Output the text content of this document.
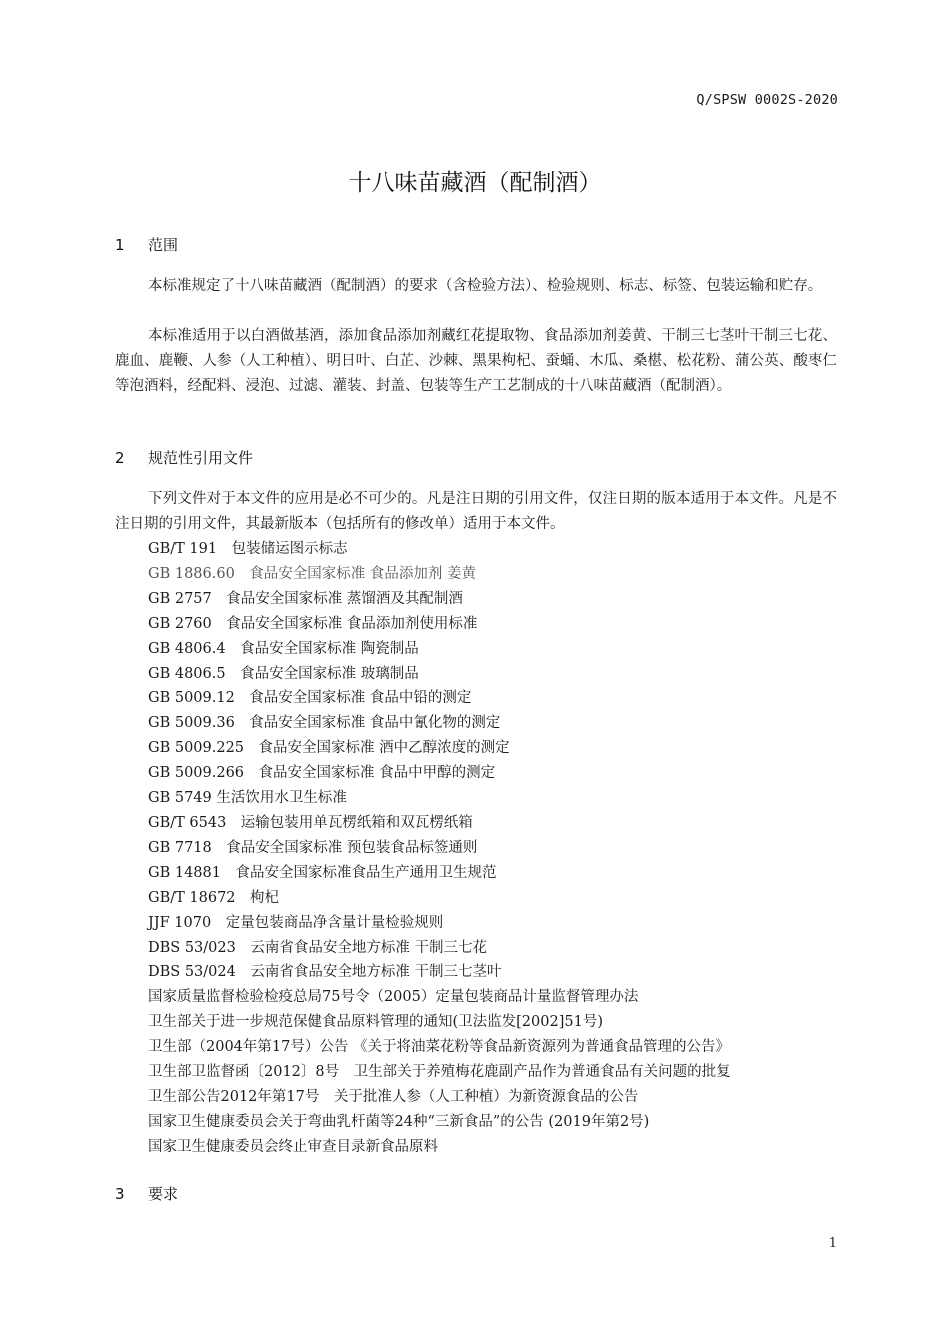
Q/SPSW 0002S-2020
十八味苗藏酒（配制酒）
1 范围

本标准规定了十八味苗藏酒（配制酒）的要求（含检验方法）、检验规则、标志、标签、包装运输和贮存。

本标准适用于以白酒做基酒，添加食品添加剂藏红花提取物、食品添加剂姜黄、干制三七茎叶干制三七花、鹿血、鹿鞭、人参（人工种植）、明日叶、白芷、沙棘、黑果枸杞、蚕蛹、木瓜、桑椹、松花粉、蒲公英、酸枣仁等泡酒料，经配料、浸泡、过滤、灌装、封盖、包装等生产工艺制成的十八味苗藏酒（配制酒）。

2 规范性引用文件

下列文件对于本文件的应用是必不可少的。凡是注日期的引用文件，仅注日期的版本适用于本文件。凡是不注日期的引用文件，其最新版本（包括所有的修改单）适用于本文件。

GB/T 191　包装储运图示标志
GB 1886.60　食品安全国家标准 食品添加剂 姜黄
GB 2757　食品安全国家标准 蒸馏酒及其配制酒
GB 2760　食品安全国家标准 食品添加剂使用标准
GB 4806.4　食品安全国家标准 陶瓷制品
GB 4806.5　食品安全国家标准 玻璃制品
GB 5009.12　食品安全国家标准 食品中铅的测定
GB 5009.36　食品安全国家标准 食品中氰化物的测定
GB 5009.225　食品安全国家标准 酒中乙醇浓度的测定
GB 5009.266　食品安全国家标准 食品中甲醇的测定
GB 5749 生活饮用水卫生标准
GB/T 6543　运输包装用单瓦楞纸箱和双瓦楞纸箱
GB 7718　食品安全国家标准 预包装食品标签通则
GB 14881　食品安全国家标准食品生产通用卫生规范
GB/T 18672　枸杞
JJF 1070　定量包装商品净含量计量检验规则
DBS 53/023　云南省食品安全地方标准 干制三七花
DBS 53/024　云南省食品安全地方标准 干制三七茎叶
国家质量监督检验检疫总局75号令（2005）定量包装商品计量监督管理办法
卫生部关于进一步规范保健食品原料管理的通知(卫法监发[2002]51号)
卫生部（2004年第17号）公告 《关于将油菜花粉等食品新资源列为普通食品管理的公告》
卫生部卫监督函〔2012〕8号　卫生部关于养殖梅花鹿副产品作为普通食品有关问题的批复
卫生部公告2012年第17号　关于批准人参（人工种植）为新资源食品的公告
国家卫生健康委员会关于弯曲乳杆菌等24种“三新食品”的公告 (2019年第2号)
国家卫生健康委员会终止审查目录新食品原料
3 要求
1
